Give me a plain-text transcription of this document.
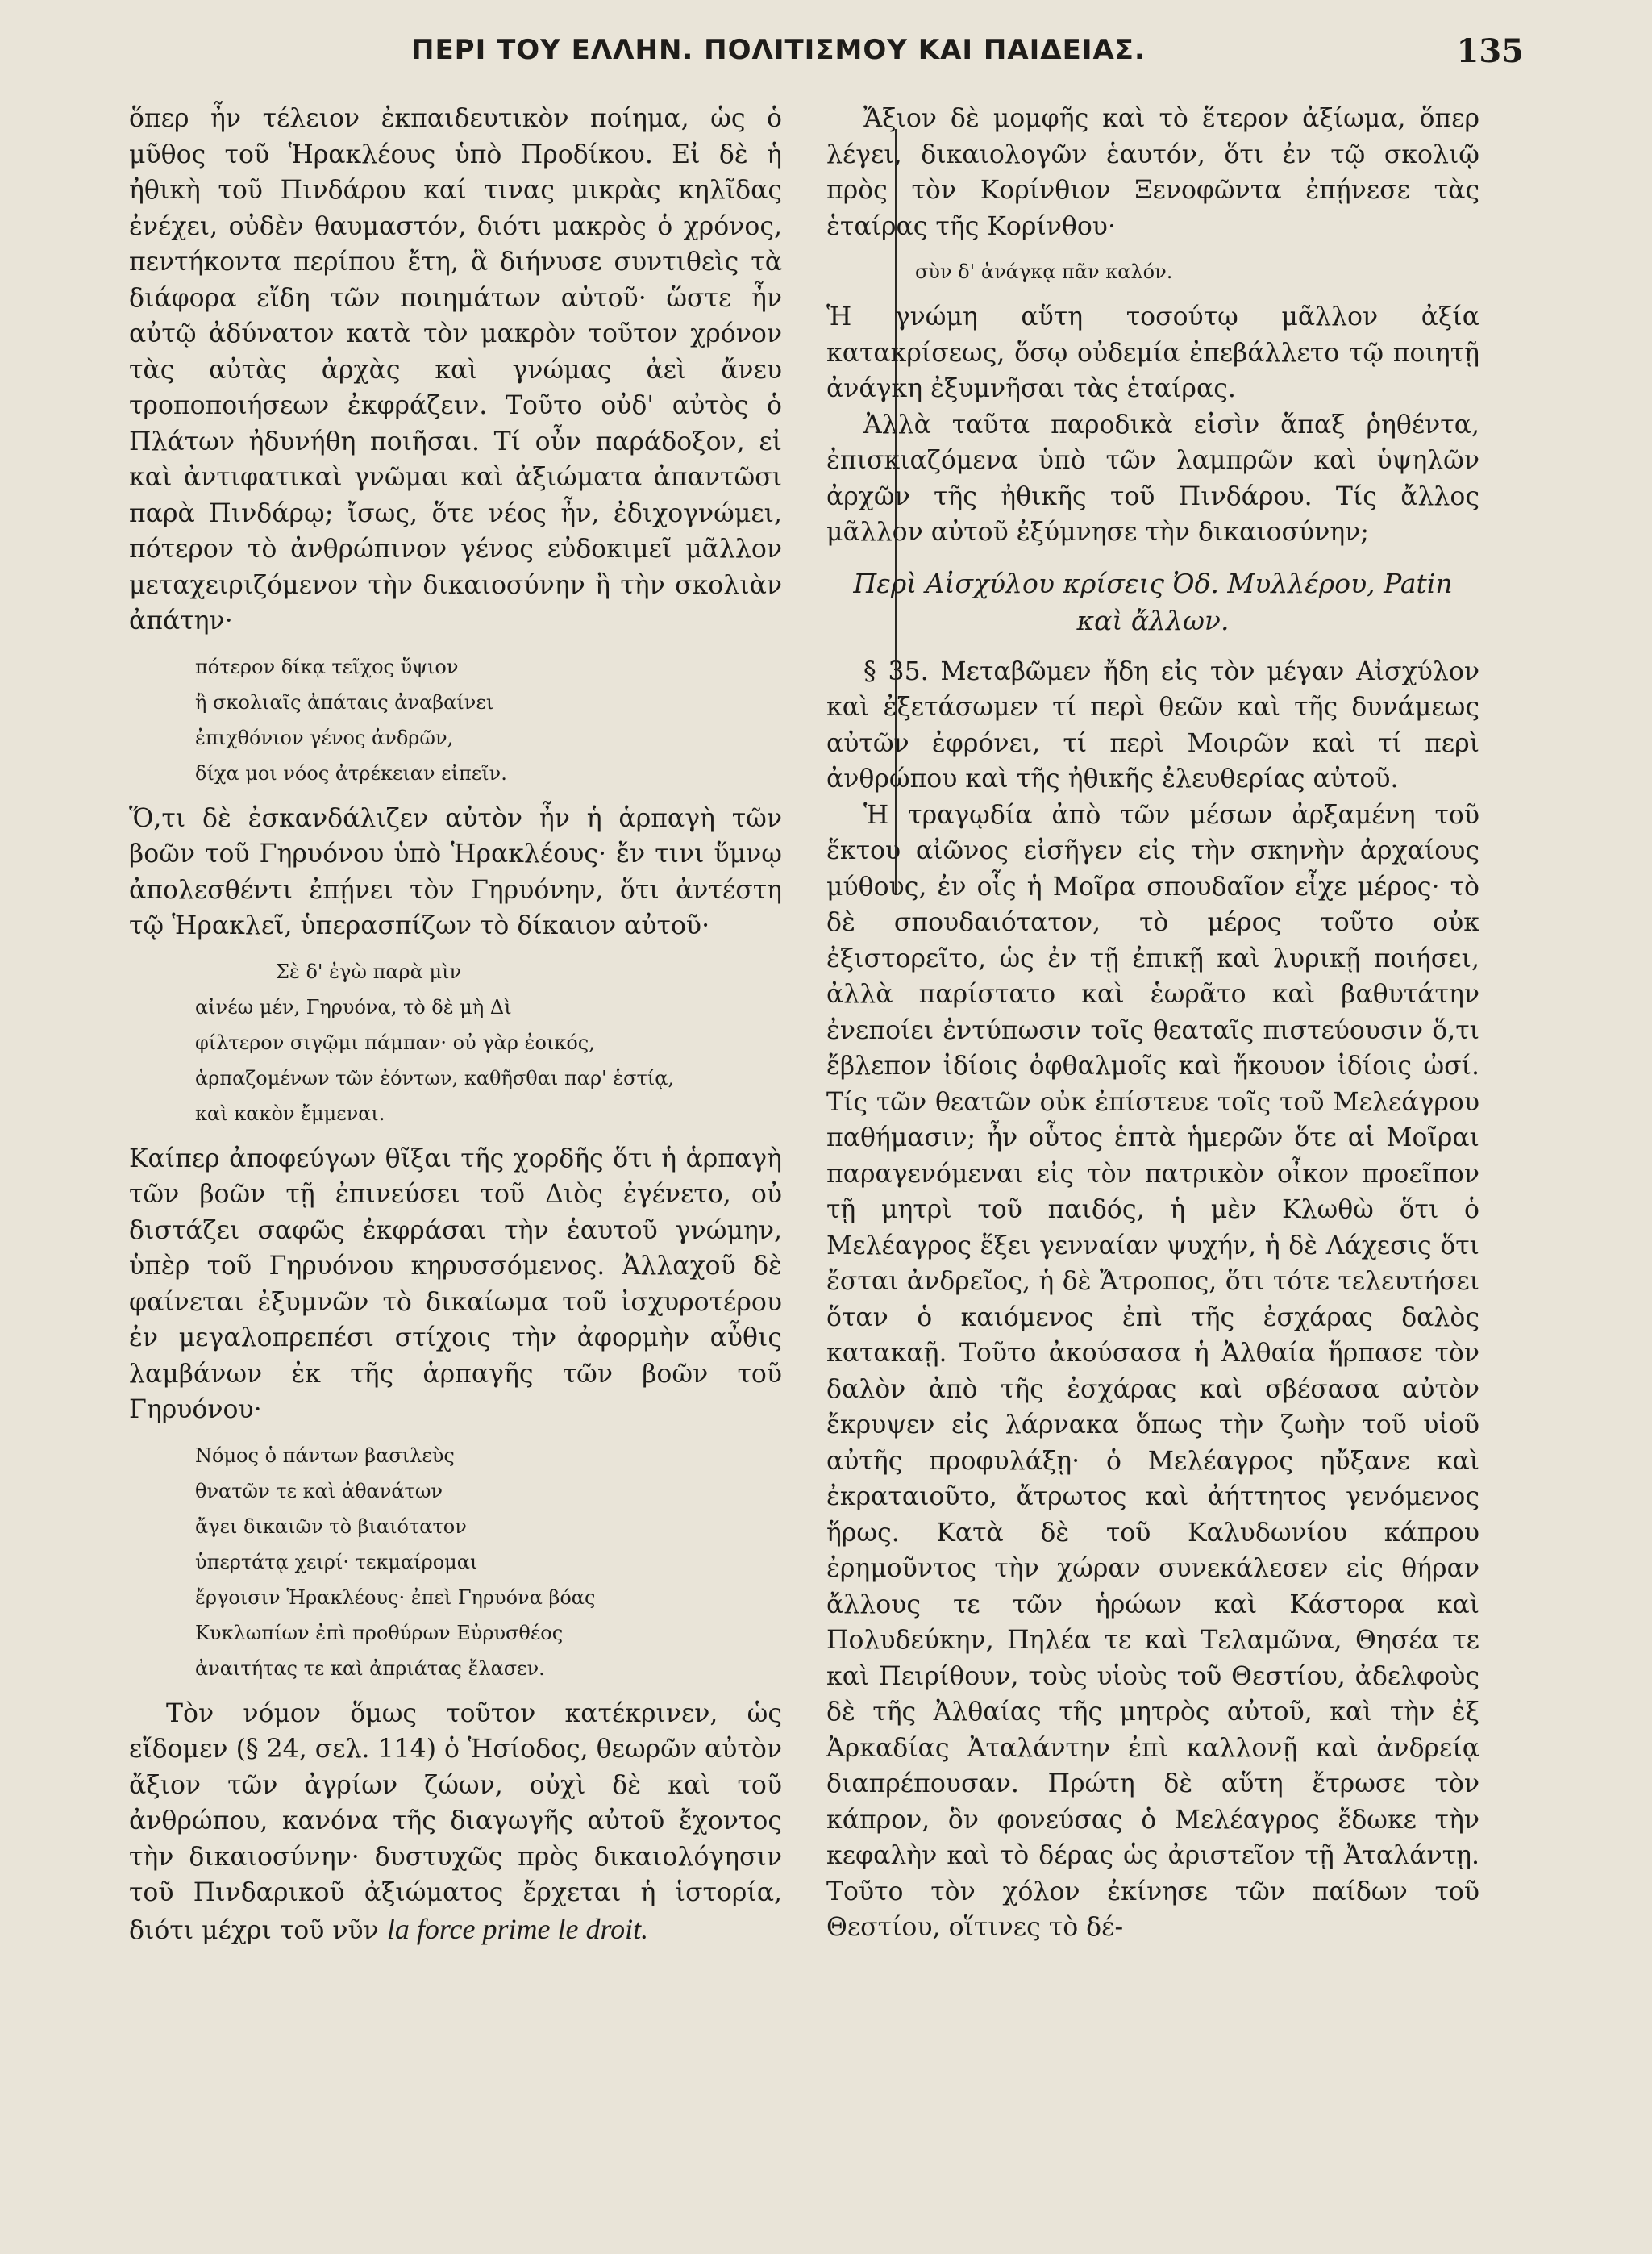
ΠΕΡΙ ΤΟΥ ΕΛΛΗΝ. ΠΟΛΙΤΙΣΜΟΥ ΚΑΙ ΠΑΙΔΕΙΑΣ.	135

ὅπερ ἦν τέλειον ἐκπαιδευτικὸν ποίημα, ὡς ὁ μῦθος τοῦ Ἡρακλέους ὑπὸ Προδίκου. Εἰ δὲ ἡ ἠθικὴ τοῦ Πινδάρου καί τινας μικρὰς κηλῖδας ἐνέχει, οὐδὲν θαυμαστόν, διότι μακρὸς ὁ χρόνος, πεντήκοντα περίπου ἔτη, ἃ διήνυσε συντιθεὶς τὰ διάφορα εἴδη τῶν ποιημάτων αὐτοῦ· ὥστε ἦν αὐτῷ ἀδύνατον κατὰ τὸν μακρὸν τοῦτον χρόνον τὰς αὐτὰς ἀρχὰς καὶ γνώμας ἀεὶ ἄνευ τροποποιήσεων ἐκφράζειν. Τοῦτο οὐδ' αὐτὸς ὁ Πλάτων ἠδυνήθη ποιῆσαι. Τί οὖν παράδοξον, εἰ καὶ ἀντιφατικαὶ γνῶμαι καὶ ἀξιώματα ἀπαντῶσι παρὰ Πινδάρῳ; ἴσως, ὅτε νέος ἦν, ἐδιχογνώμει, πότερον τὸ ἀνθρώπινον γένος εὐδοκιμεῖ μᾶλλον μεταχειριζόμενον τὴν δικαιοσύνην ἢ τὴν σκολιὰν ἀπάτην·

πότερον δίκᾳ τεῖχος ὕψιον
ἢ σκολιαῖς ἀπάταις ἀναβαίνει
ἐπιχθόνιον γένος ἀνδρῶν,
δίχα μοι νόος ἀτρέκειαν εἰπεῖν.

Ὅ,τι δὲ ἐσκανδάλιζεν αὐτὸν ἦν ἡ ἁρπαγὴ τῶν βοῶν τοῦ Γηρυόνου ὑπὸ Ἡρακλέους· ἔν τινι ὕμνῳ ἀπολεσθέντι ἐπῄνει τὸν Γηρυόνην, ὅτι ἀντέστη τῷ Ἡρακλεῖ, ὑπερασπίζων τὸ δίκαιον αὐτοῦ·

Σὲ δ' ἐγὼ παρὰ μὶν
αἰνέω μέν, Γηρυόνα, τὸ δὲ μὴ Δὶ
φίλτερον σιγῷμι πάμπαν· οὐ γὰρ ἐοικός,
ἁρπαζομένων τῶν ἐόντων, καθῆσθαι παρ' ἑστίᾳ,
καὶ κακὸν ἔμμεναι.

Καίπερ ἀποφεύγων θῖξαι τῆς χορδῆς ὅτι ἡ ἁρπαγὴ τῶν βοῶν τῇ ἐπινεύσει τοῦ Διὸς ἐγένετο, οὐ διστάζει σαφῶς ἐκφράσαι τὴν ἑαυτοῦ γνώμην, ὑπὲρ τοῦ Γηρυόνου κηρυσσόμενος. Ἀλλαχοῦ δὲ φαίνεται ἐξυμνῶν τὸ δικαίωμα τοῦ ἰσχυροτέρου ἐν μεγαλοπρεπέσι στίχοις τὴν ἀφορμὴν αὖθις λαμβάνων ἐκ τῆς ἁρπαγῆς τῶν βοῶν τοῦ Γηρυόνου·

Νόμος ὁ πάντων βασιλεὺς
θνατῶν τε καὶ ἀθανάτων
ἄγει δικαιῶν τὸ βιαιότατον
ὑπερτάτᾳ χειρί· τεκμαίρομαι
ἔργοισιν Ἡρακλέους· ἐπεὶ Γηρυόνα βόας
Κυκλωπίων ἐπὶ προθύρων Εὐρυσθέος
ἀναιτήτας τε καὶ ἀπριάτας ἔλασεν.

Τὸν νόμον ὅμως τοῦτον κατέκρινεν, ὡς εἴδομεν (§ 24, σελ. 114) ὁ Ἡσίοδος, θεωρῶν αὐτὸν ἄξιον τῶν ἀγρίων ζώων, οὐχὶ δὲ καὶ τοῦ ἀνθρώπου, κανόνα τῆς διαγωγῆς αὐτοῦ ἔχοντος τὴν δικαιοσύνην· δυστυχῶς πρὸς δικαιολόγησιν τοῦ Πινδαρικοῦ ἀξιώματος ἔρχεται ἡ ἱστορία, διότι μέχρι τοῦ νῦν la force prime le droit.

Ἄξιον δὲ μομφῆς καὶ τὸ ἕτερον ἀξίωμα, ὅπερ λέγει, δικαιολογῶν ἑαυτόν, ὅτι ἐν τῷ σκολιῷ πρὸς τὸν Κορίνθιον Ξενοφῶντα ἐπῄνεσε τὰς ἑταίρας τῆς Κορίνθου·

σὺν δ' ἀνάγκᾳ πᾶν καλόν.

Ἡ γνώμη αὕτη τοσούτῳ μᾶλλον ἀξία κατακρίσεως, ὅσῳ οὐδεμία ἐπεβάλλετο τῷ ποιητῇ ἀνάγκη ἐξυμνῆσαι τὰς ἑταίρας.

Ἀλλὰ ταῦτα παροδικὰ εἰσὶν ἅπαξ ῥηθέντα, ἐπισκιαζόμενα ὑπὸ τῶν λαμπρῶν καὶ ὑψηλῶν ἀρχῶν τῆς ἠθικῆς τοῦ Πινδάρου. Τίς ἄλλος μᾶλλον αὐτοῦ ἐξύμνησε τὴν δικαιοσύνην;

Περὶ Αἰσχύλου κρίσεις Ὀδ. Μυλλέρου, Patin καὶ ἄλλων.

§ 35. Μεταβῶμεν ἤδη εἰς τὸν μέγαν Αἰσχύλον καὶ ἐξετάσωμεν τί περὶ θεῶν καὶ τῆς δυνάμεως αὐτῶν ἐφρόνει, τί περὶ Μοιρῶν καὶ τί περὶ ἀνθρώπου καὶ τῆς ἠθικῆς ἐλευθερίας αὐτοῦ.

Ἡ τραγῳδία ἀπὸ τῶν μέσων ἀρξαμένη τοῦ ἕκτου αἰῶνος εἰσῆγεν εἰς τὴν σκηνὴν ἀρχαίους μύθους, ἐν οἷς ἡ Μοῖρα σπουδαῖον εἶχε μέρος· τὸ δὲ σπουδαιότατον, τὸ μέρος τοῦτο οὐκ ἐξιστορεῖτο, ὡς ἐν τῇ ἐπικῇ καὶ λυρικῇ ποιήσει, ἀλλὰ παρίστατο καὶ ἑωρᾶτο καὶ βαθυτάτην ἐνεποίει ἐντύπωσιν τοῖς θεαταῖς πιστεύουσιν ὅ,τι ἔβλεπον ἰδίοις ὀφθαλμοῖς καὶ ἤκουον ἰδίοις ὠσί. Τίς τῶν θεατῶν οὐκ ἐπίστευε τοῖς τοῦ Μελεάγρου παθήμασιν; ἦν οὗτος ἑπτὰ ἡμερῶν ὅτε αἱ Μοῖραι παραγενόμεναι εἰς τὸν πατρικὸν οἶκον προεῖπον τῇ μητρὶ τοῦ παιδός, ἡ μὲν Κλωθὼ ὅτι ὁ Μελέαγρος ἕξει γενναίαν ψυχήν, ἡ δὲ Λάχεσις ὅτι ἔσται ἀνδρεῖος, ἡ δὲ Ἄτροπος, ὅτι τότε τελευτήσει ὅταν ὁ καιόμενος ἐπὶ τῆς ἐσχάρας δαλὸς κατακαῇ. Τοῦτο ἀκούσασα ἡ Ἀλθαία ἥρπασε τὸν δαλὸν ἀπὸ τῆς ἐσχάρας καὶ σβέσασα αὐτὸν ἔκρυψεν εἰς λάρνακα ὅπως τὴν ζωὴν τοῦ υἱοῦ αὐτῆς προφυλάξῃ· ὁ Μελέαγρος ηὔξανε καὶ ἐκραταιοῦτο, ἄτρωτος καὶ ἀήττητος γενόμενος ἥρως. Κατὰ δὲ τοῦ Καλυδωνίου κάπρου ἐρημοῦντος τὴν χώραν συνεκάλεσεν εἰς θήραν ἄλλους τε τῶν ἡρώων καὶ Κάστορα καὶ Πολυδεύκην, Πηλέα τε καὶ Τελαμῶνα, Θησέα τε καὶ Πειρίθουν, τοὺς υἱοὺς τοῦ Θεστίου, ἀδελφοὺς δὲ τῆς Ἀλθαίας τῆς μητρὸς αὐτοῦ, καὶ τὴν ἐξ Ἀρκαδίας Ἀταλάντην ἐπὶ καλλονῇ καὶ ἀνδρείᾳ διαπρέπουσαν. Πρώτη δὲ αὕτη ἔτρωσε τὸν κάπρον, ὃν φονεύσας ὁ Μελέαγρος ἔδωκε τὴν κεφαλὴν καὶ τὸ δέρας ὡς ἀριστεῖον τῇ Ἀταλάντῃ. Τοῦτο τὸν χόλον ἐκίνησε τῶν παίδων τοῦ Θεστίου, οἵτινες τὸ δέ-
